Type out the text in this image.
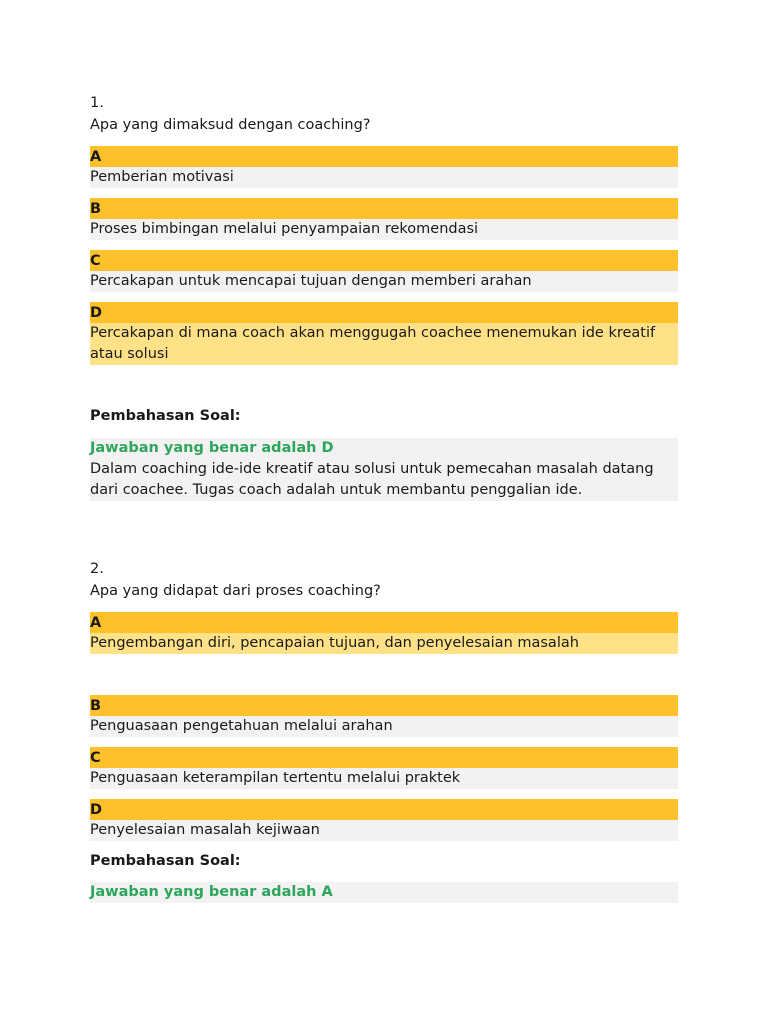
1.
Apa yang dimaksud dengan coaching?
A
Pemberian motivasi
B
Proses bimbingan melalui penyampaian rekomendasi
C
Percakapan untuk mencapai tujuan dengan memberi arahan
D
Percakapan di mana coach akan menggugah coachee menemukan ide kreatif atau solusi
Pembahasan Soal:
Jawaban yang benar adalah D
Dalam coaching ide-ide kreatif atau solusi untuk pemecahan masalah datang dari coachee. Tugas coach adalah untuk membantu penggalian ide.
2.
Apa yang didapat dari proses coaching?
A
Pengembangan diri, pencapaian tujuan, dan penyelesaian masalah
B
Penguasaan pengetahuan melalui arahan
C
Penguasaan keterampilan tertentu melalui praktek
D
Penyelesaian masalah kejiwaan
Pembahasan Soal:
Jawaban yang benar adalah A
